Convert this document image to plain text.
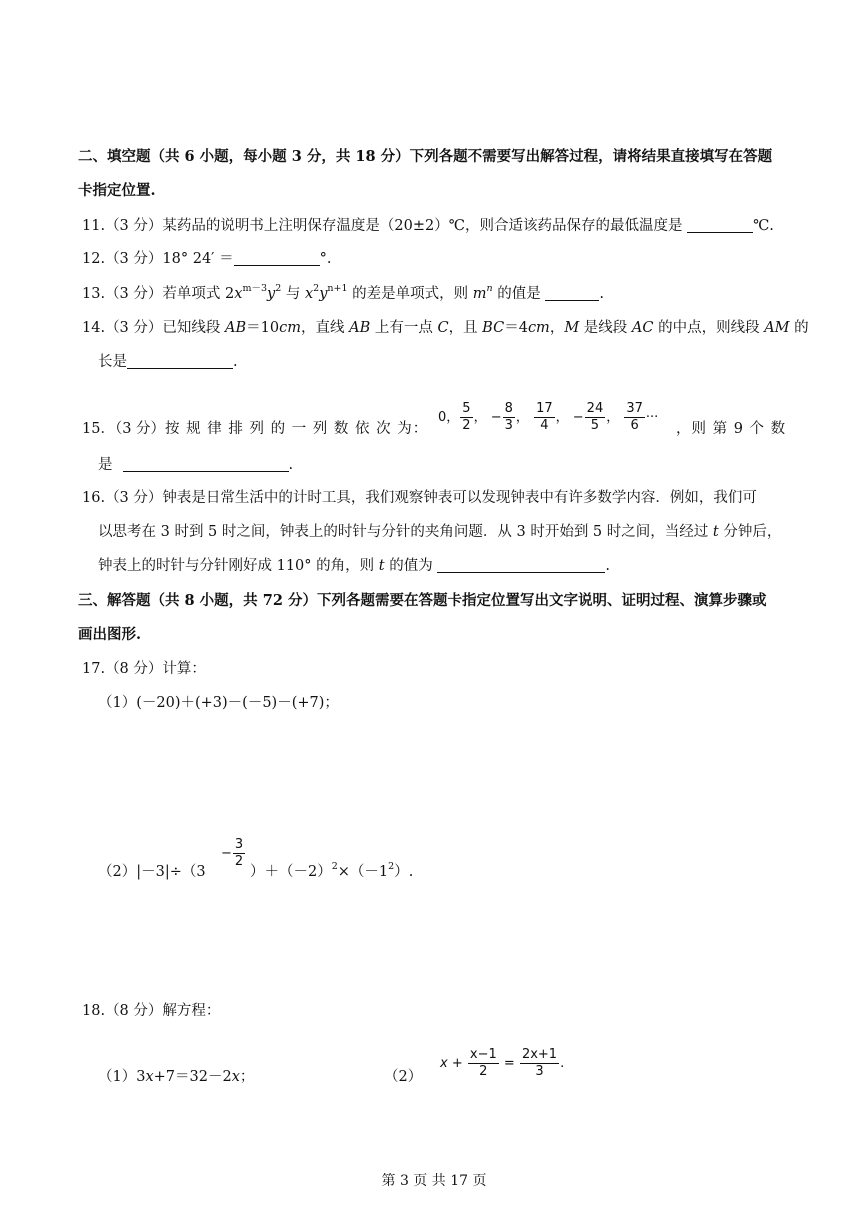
二、填空题（共 6 小题，每小题 3 分，共 18 分）下列各题不需要写出解答过程，请将结果直接填写在答题
卡指定位置.
11.（3 分）某药品的说明书上注明保存温度是（20±2）℃，则合适该药品保存的最低温度是	℃.
12.（3 分）18° 24′ ＝	°.
13.（3 分）若单项式 $2x^{m-3}y^2$ 与 $x^2y^{n+1}$ 的差是单项式，则 $m^n$ 的值是	.
14.（3 分）已知线段 AB＝10cm，直线 AB 上有一点 C，且 BC＝4cm，M 是线段 AC 的中点，则线段 AM 的
长是	.
15．（3 分）按 规 律 排 列 的 一 列 数 依 次 为：
0， $\frac{5}{2}$ ， − $\frac{8}{3}$ ， $\frac{17}{4}$ ， − $\frac{24}{5}$ ， $\frac{37}{6}$ ···
，则 第 9 个 数
是	.
16.（3 分）钟表是日常生活中的计时工具，我们观察钟表可以发现钟表中有许多数学内容．例如，我们可
以思考在 3 时到 5 时之间，钟表上的时针与分针的夹角问题．从 3 时开始到 5 时之间，当经过 t 分钟后，
钟表上的时针与分针刚好成 110° 的角，则 t 的值为	.
三、解答题（共 8 小题，共 72 分）下列各题需要在答题卡指定位置写出文字说明、证明过程、演算步骤或
画出图形.
17.（8 分）计算：
（1）(－20)＋(+3)－(－5)－(+7)；
（2）|－3|÷（3
− $\frac{3}{2}$
）$+(-2)^2\times(-1^2)$.
18.（8 分）解方程：
（1）3x+7＝32－2x；	（2）
$x + \frac{x-1}{2} = \frac{2x+1}{3}$ .
第 3 页 共 17 页
